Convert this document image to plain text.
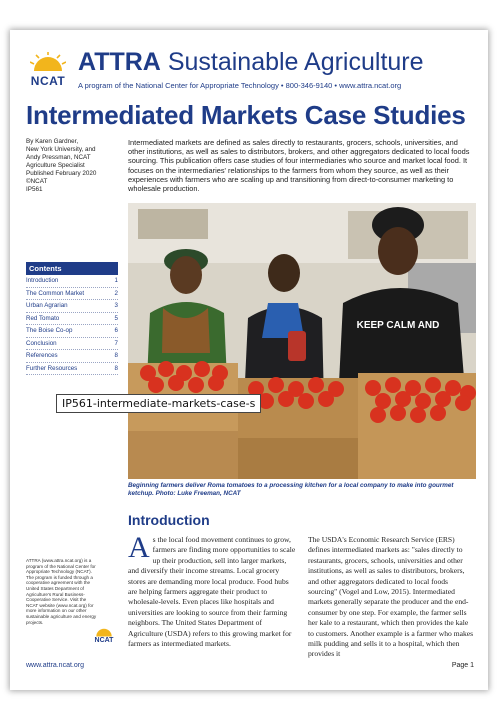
NCAT
ATTRA Sustainable Agriculture
A program of the National Center for Appropriate Technology • 800-346-9140 • www.attra.ncat.org
Intermediated Markets Case Studies
By Karen Gardner,
New York University, and
Andy Pressman, NCAT
Agriculture Specialist
Published February 2020
©NCAT
IP561
Contents
Introduction	1
The Common Market	2
Urban Agrarian	3
Red Tomato	5
The Boise Co-op	6
Conclusion	7
References	8
Further Resources	8
Intermediated markets are defined as sales directly to restaurants, grocers, schools, universities, and other institutions, as well as sales to distributors, brokers, and other aggregators dedicated to local foods sourcing. This publication offers case studies of four intermediaries who source and market local food. It focuses on the intermediaries' relationships to the farmers from whom they source, as well as their experiences with farmers who are scaling up and transitioning from direct-to-consumer marketing to wholesale production.
KEEP CALM AND
Beginning farmers deliver Roma tomatoes to a processing kitchen for a local company to make into gourmet ketchup. Photo: Luke Freeman, NCAT
Introduction
A s the local food movement continues to grow, farmers are finding more opportunities to scale up their production, sell into larger markets, and diversify their income streams. Local grocery stores are demanding more local produce. Food hubs are helping farmers aggregate their product to wholesale-levels. Even places like hospitals and universities are looking to source from their farming neighbors. The United States Department of Agriculture (USDA) refers to this growing market for farmers as intermediated markets.
The USDA's Economic Research Service (ERS) defines intermediated markets as: "sales directly to restaurants, grocers, schools, universities and other institutions, as well as sales to distributors, brokers, and other aggregators dedicated to local foods sourcing" (Vogel and Low, 2015). Intermediated markets generally separate the producer and the end-consumer by one step. For example, the farmer sells her kale to a restaurant, which then provides the kale to customers. Another example is a farmer who makes milk pudding and sells it to a hospital, which then provides it
ATTRA (www.attra.ncat.org) is a program of the National Center for Appropriate Technology (NCAT). The program is funded through a cooperative agreement with the United States Department of Agriculture's Rural Business-Cooperative Service. Visit the NCAT website (www.ncat.org) for more information on our other sustainable agriculture and energy projects.
NCAT
www.attra.ncat.org	Page 1
IP561-intermediate-markets-case-s
